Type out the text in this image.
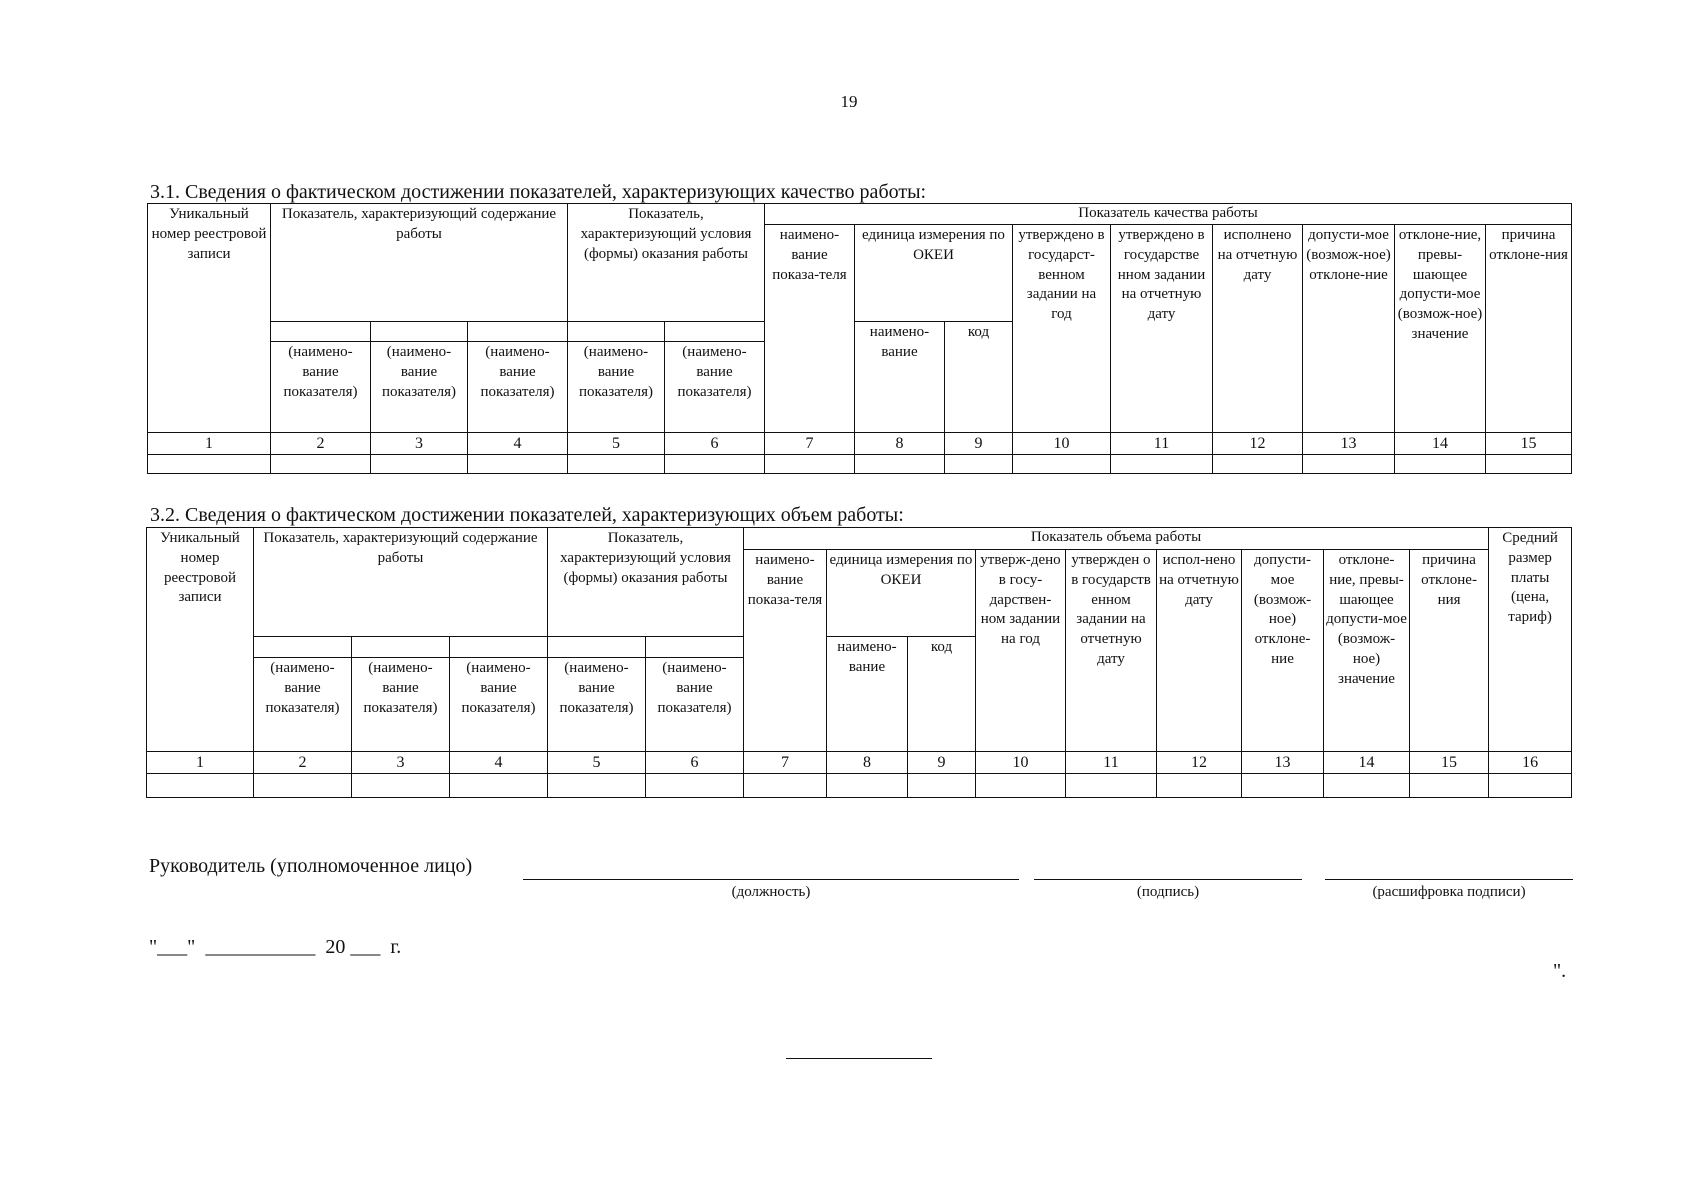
19
3.1. Сведения о фактическом достижении показателей, характеризующих качество работы:
Уникальный номер реестровой записи	Показатель, характеризующий содержание работы			Показатель, характеризующий условия (формы) оказания работы		Показатель качества работы								
						наимено-вание показа-теля	единица измерения по ОКЕИ		утверждено в государст-венном задании на год	утверждено в государстве нном задании на отчетную дату	исполнено на отчетную дату	допусти-мое (возмож-ное) отклоне-ние	отклоне-ние, превы-шающее допусти-мое (возмож-ное) значение	причина отклоне-ния
							наимено-вание	код						
	(наимено-вание показателя)	(наимено-вание показателя)	(наимено-вание показателя)	(наимено-вание показателя)	(наимено-вание показателя)									
1	2	3	4	5	6	7	8	9	10	11	12	13	14	15

3.2. Сведения о фактическом достижении показателей, характеризующих объем работы:
Уникальный номер реестровой записи	Показатель, характеризующий содержание работы			Показатель, характеризующий условия (формы) оказания работы		Показатель объема работы									Средний размер платы (цена, тариф)
						наимено-вание показа-теля	единица измерения по ОКЕИ		утверж-дено в госу-дарствен-ном задании на год	утвержден о в государств енном задании на отчетную дату	испол-нено на отчетную дату	допусти-мое (возмож-ное) отклоне-ние	отклоне-ние, превы-шающее допусти-мое (возмож-ное) значение	причина отклоне-ния	
							наимено-вание	код							
	(наимено-вание показателя)	(наимено-вание показателя)	(наимено-вание показателя)	(наимено-вание показателя)	(наимено-вание показателя)										
1	2	3	4	5	6	7	8	9	10	11	12	13	14	15	16

Руководитель (уполномоченное лицо)
(должность)	(подпись)	(расшифровка подписи)
"___"  ___________  20 ___  г.
".
